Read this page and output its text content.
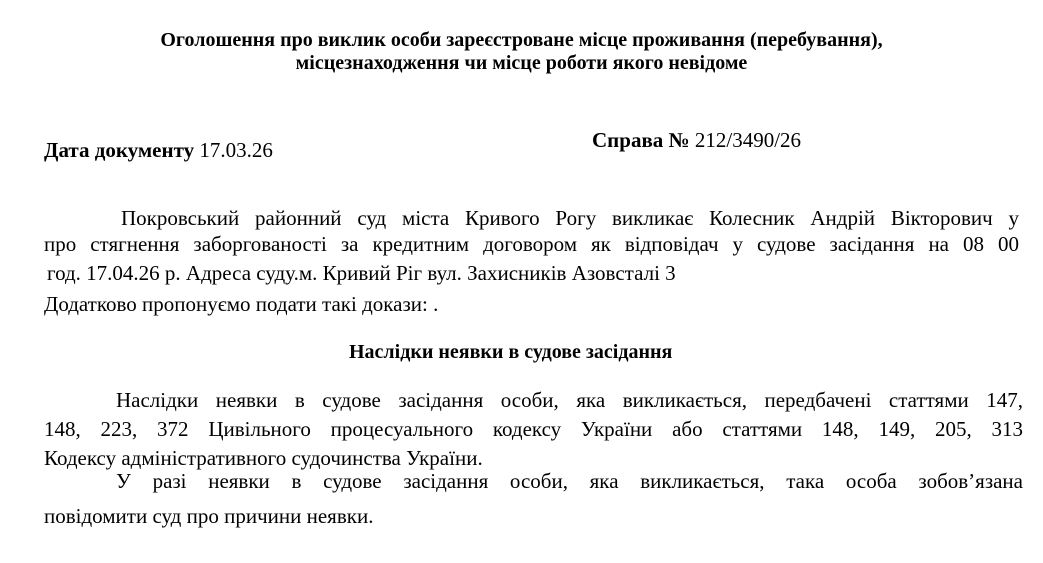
Оголошення про виклик особи зареєстроване місце проживання (перебування),
місцезнаходження чи місце роботи якого невідоме
Дата документу 17.03.26	Справа № 212/3490/26
Покровський районний суд міста Кривого Рогу викликає Колесник Андрій Вікторович у
про стягнення заборгованості за кредитним договором як відповідач у судове засідання на 08 00
год. 17.04.26 р. Адреса суду.м. Кривий Ріг вул. Захисників Азовсталі 3
Додатково пропонуємо подати такі докази: .
Наслідки неявки в судове засідання
Наслідки неявки в судове засідання особи, яка викликається, передбачені статтями 147,
148, 223, 372 Цивільного процесуального кодексу України або статтями 148, 149, 205, 313
Кодексу адміністративного судочинства України.
У разі неявки в судове засідання особи, яка викликається, така особа зобов’язана
повідомити суд про причини неявки.
